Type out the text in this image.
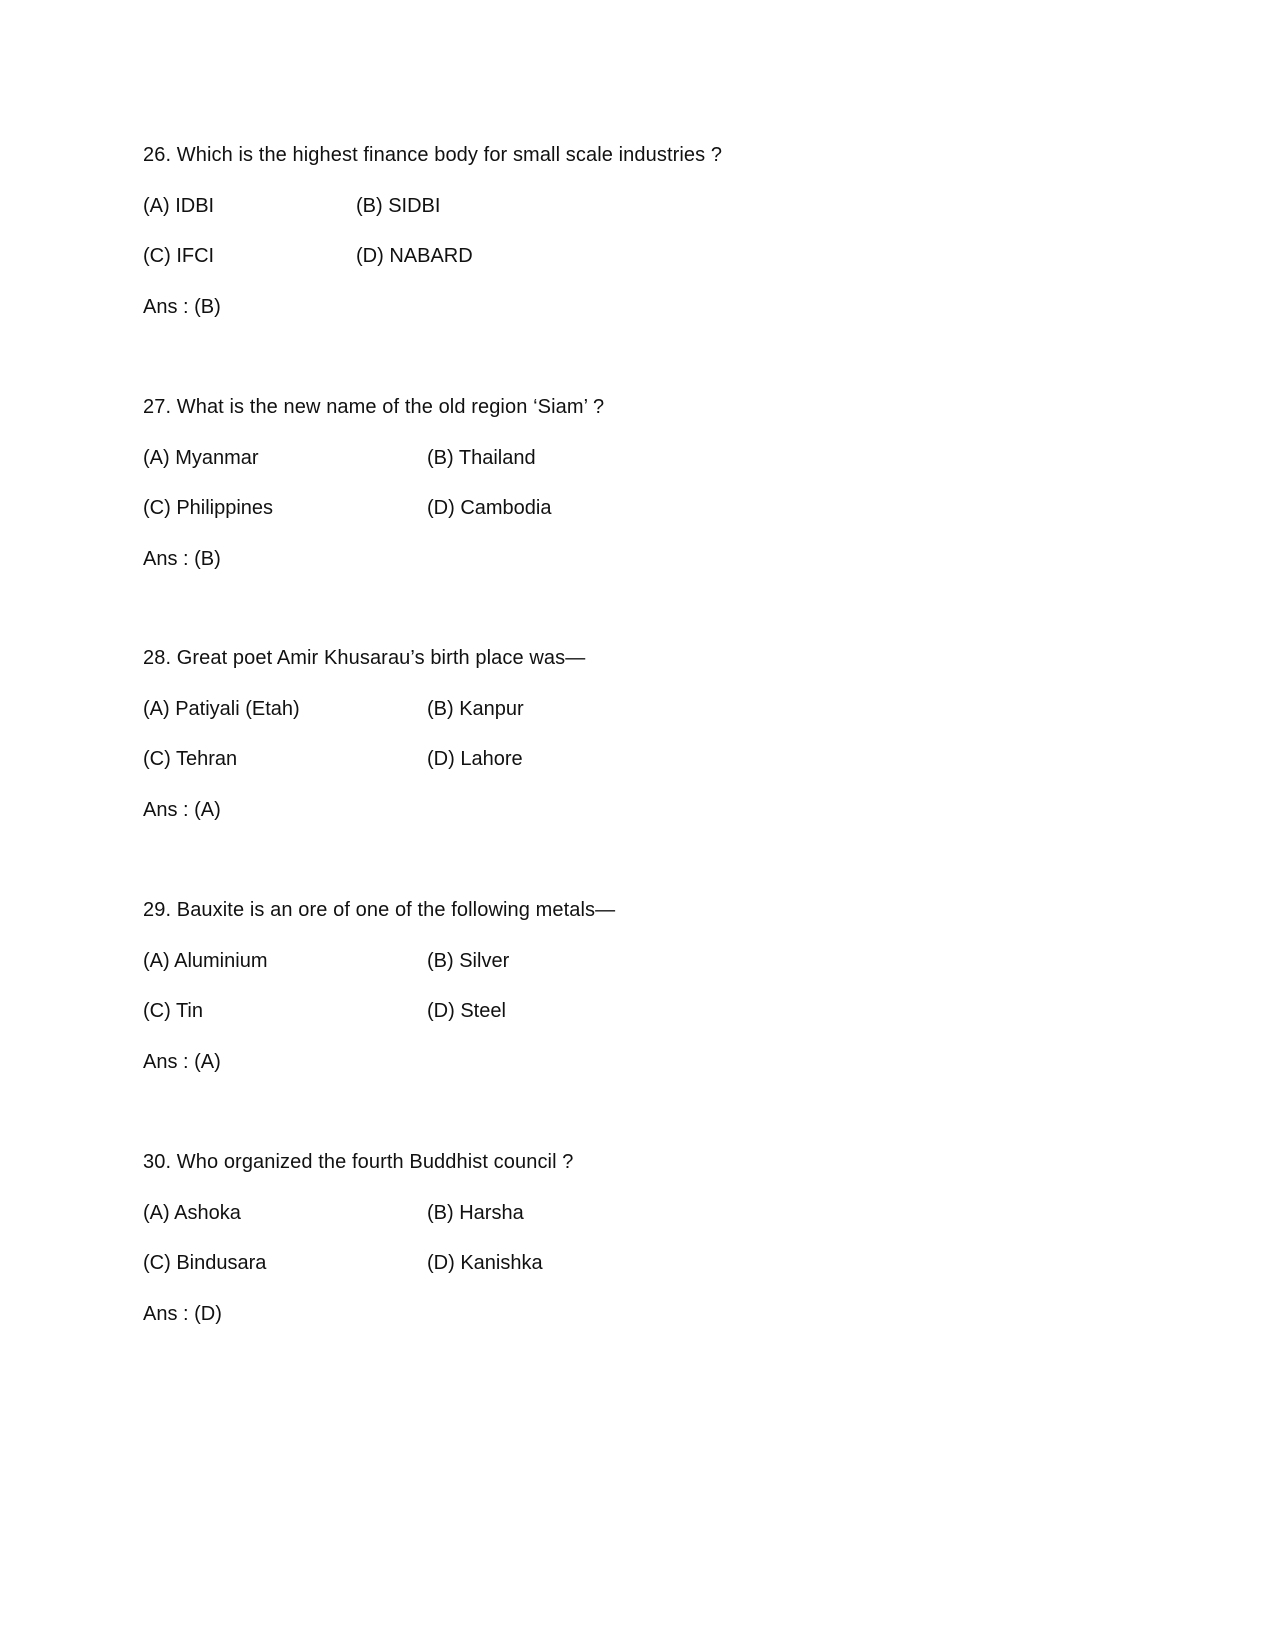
26. Which is the highest finance body for small scale industries ?
(A) IDBI	(B) SIDBI
(C) IFCI	(D) NABARD
Ans : (B)
27. What is the new name of the old region ‘Siam’ ?
(A) Myanmar	(B) Thailand
(C) Philippines	(D) Cambodia
Ans : (B)
28. Great poet Amir Khusarau’s birth place was—
(A) Patiyali (Etah)	(B) Kanpur
(C) Tehran	(D) Lahore
Ans : (A)
29. Bauxite is an ore of one of the following metals—
(A) Aluminium	(B) Silver
(C) Tin	(D) Steel
Ans : (A)
30. Who organized the fourth Buddhist council ?
(A) Ashoka	(B) Harsha
(C) Bindusara	(D) Kanishka
Ans : (D)
